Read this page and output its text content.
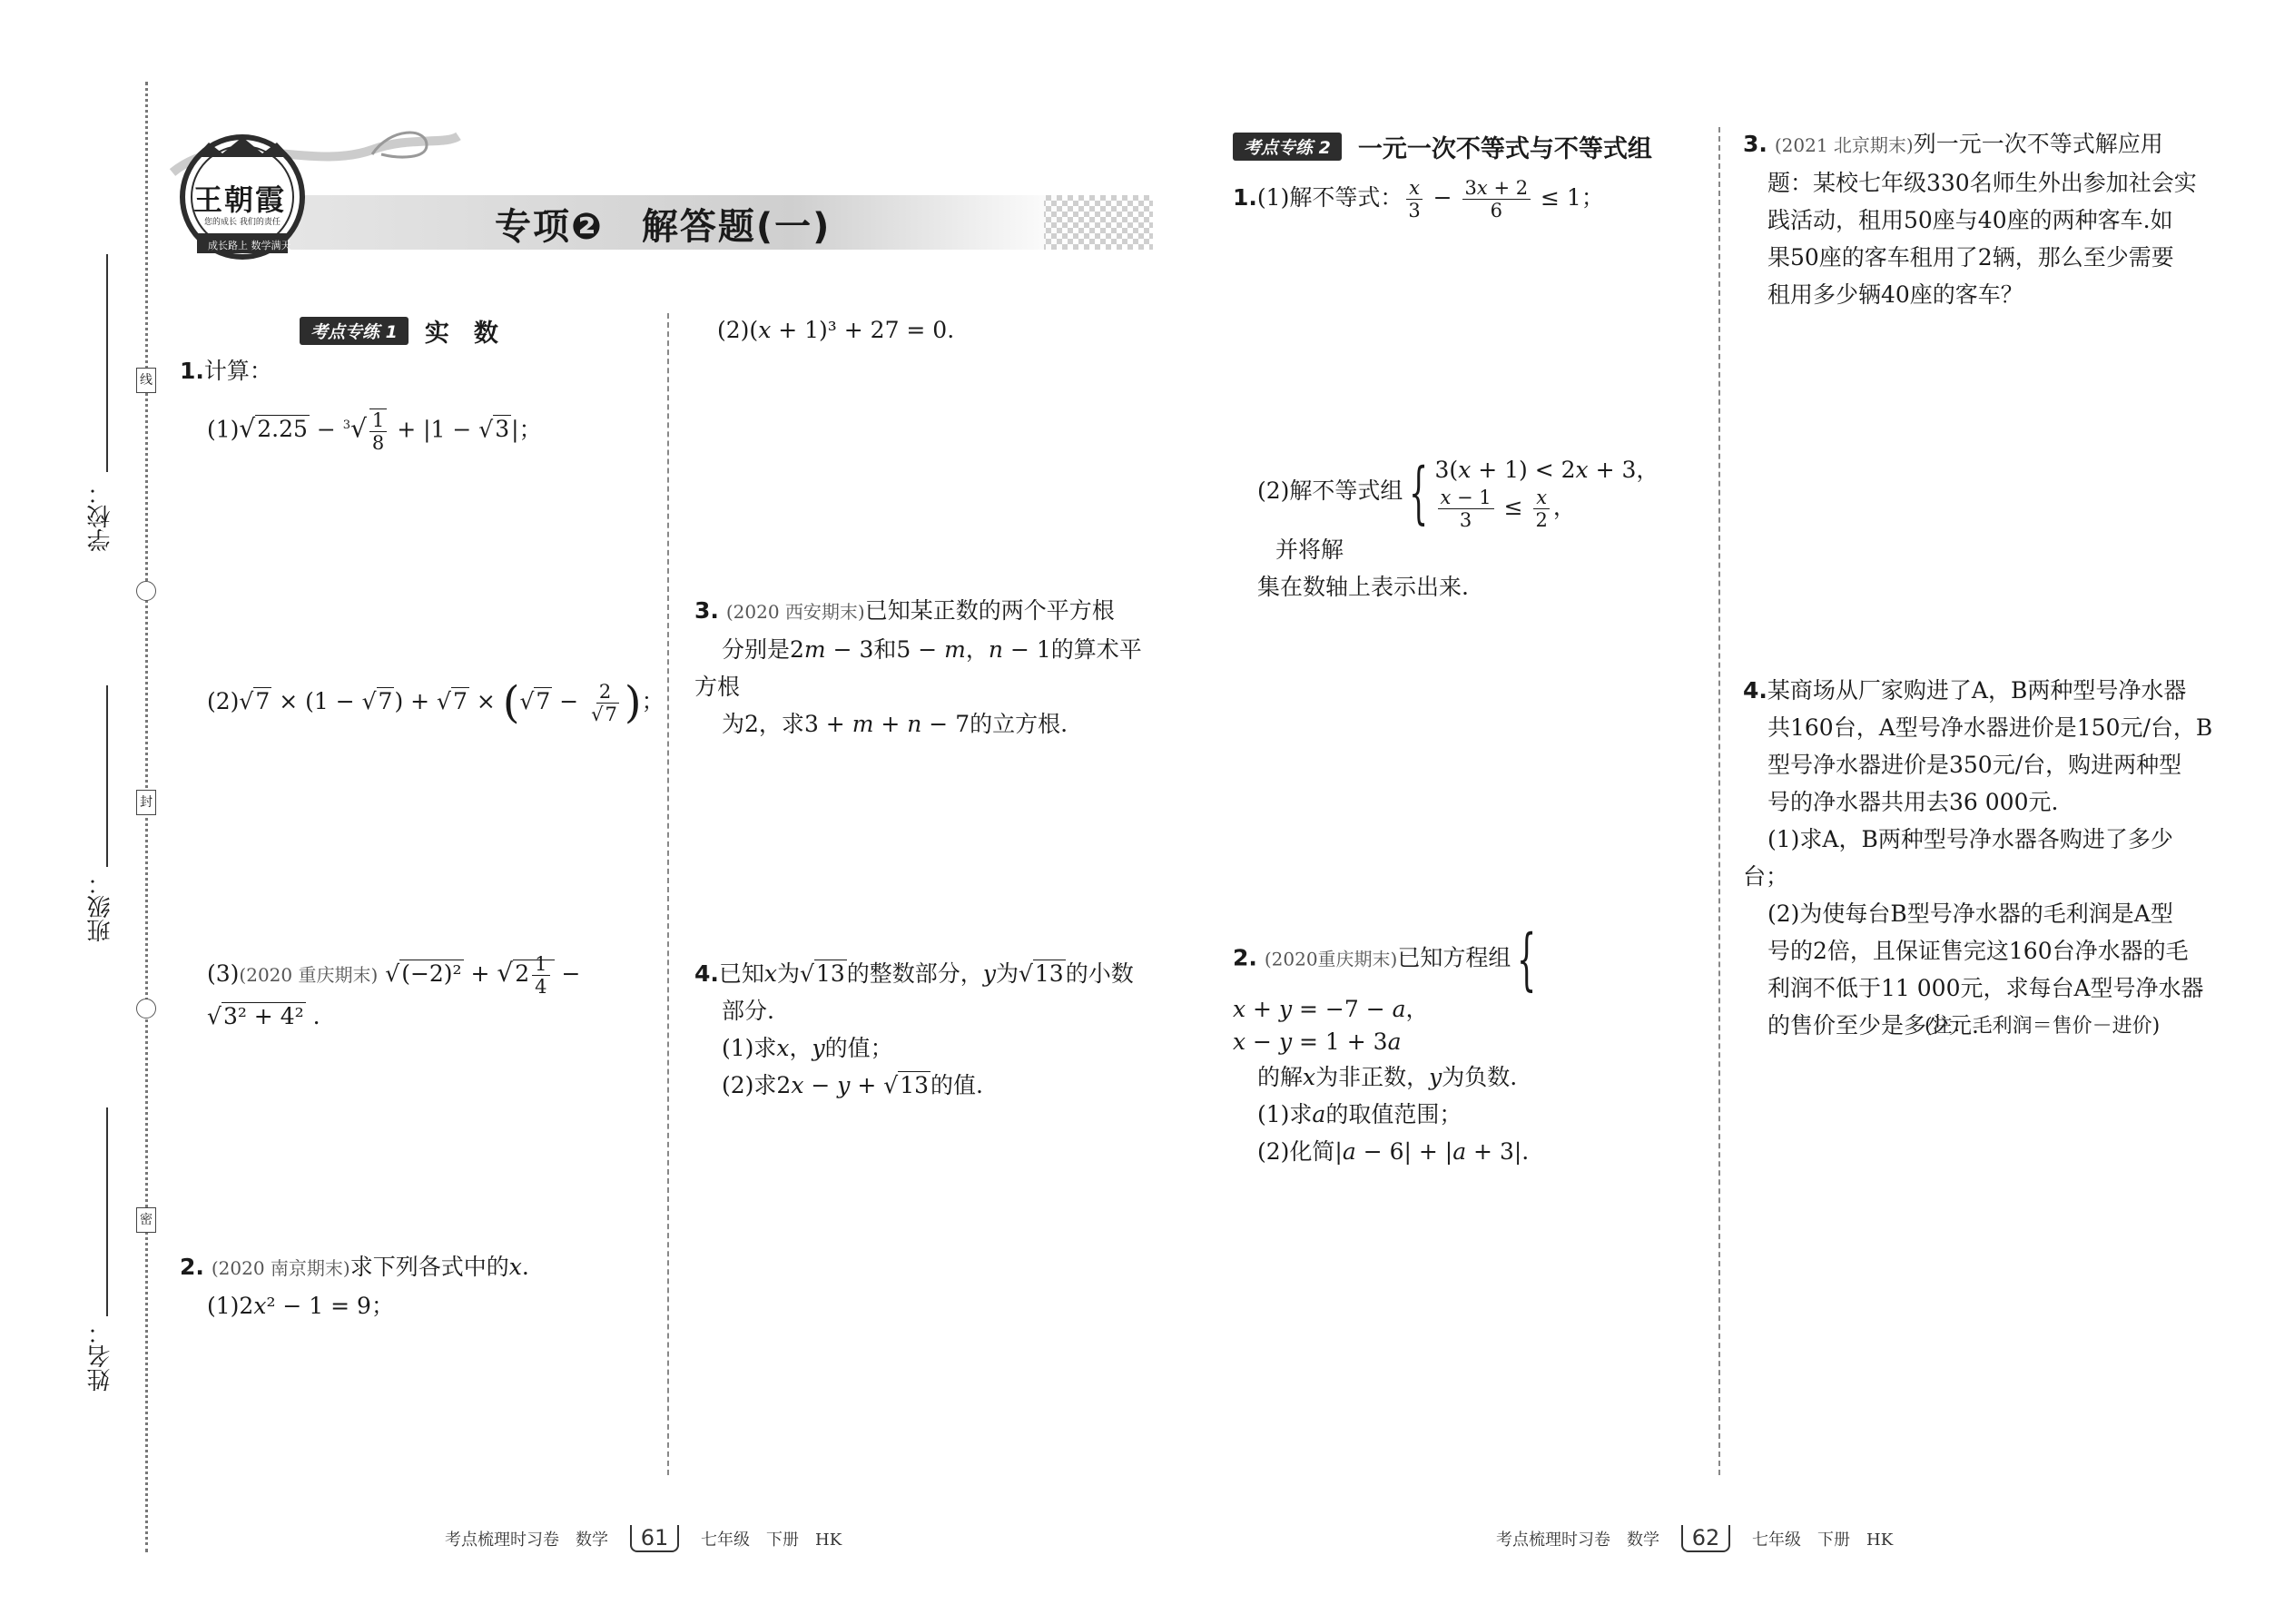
学校：
班级：
姓名：
线
封
密
王朝霞
您的成长 我们的责任
成长路上 数学满天	专项❷　解答题(一)
考点专练 1 实　数
1.计算：
$(1)√2.25 - ^3√ \frac{1}{8} + |1 - √3|$；
$(2)√7 \times (1 - √7) + √7 \times (√7 - \frac{2}{√7}$ )；
(3)(2020 重庆期末) $√(-2)^2 + √2 \frac{1}{4}$ −
√3² + 4² .
2. (2020 南京期末)求下列各式中的x.
(1)2x² − 1 = 9；
(2)(x + 1)³ + 27 = 0.
3. (2020 西安期末)已知某正数的两个平方根
分别是2m − 3和5 − m，n − 1的算术平方根
为2，求3 + m + n − 7的立方根.
4.已知x为√13的整数部分，y为√13的小数
部分.
(1)求x，y的值；
(2)求2x − y + √13的值.
考点专练 2 一元一次不等式与不等式组
1.(1)解不等式： $\frac{x}{3} - \frac{3x + 2}{6} \le 1$；
(2)解不等式组{ 3(x + 1) < 2x + 3，
$\frac{x - 1}{3} \le \frac{x}{2}$ ，
并将解
集在数轴上表示出来.
2. (2020重庆期末)已知方程组{
x + y = −7 − a，
x − y = 1 + 3a

的解x为非正数，y为负数.
(1)求a的取值范围；
(2)化简|a − 6| + |a + 3|.
3. (2021 北京期末)列一元一次不等式解应用
题：某校七年级330名师生外出参加社会实
践活动，租用50座与40座的两种客车.如
果50座的客车租用了2辆，那么至少需要
租用多少辆40座的客车？
4.某商场从厂家购进了A，B两种型号净水器
共160台，A型号净水器进价是150元/台，B
型号净水器进价是350元/台，购进两种型
号的净水器共用去36 000元.
(1)求A，B两种型号净水器各购进了多少台；
(2)为使每台B型号净水器的毛利润是A型
号的2倍，且保证售完这160台净水器的毛
利润不低于11 000元，求每台A型号净水器
的售价至少是多少元.
(注：毛利润＝售价－进价)
考点梳理时习卷　数学 61 七年级　下册　HK	考点梳理时习卷　数学 62 七年级　下册　HK
